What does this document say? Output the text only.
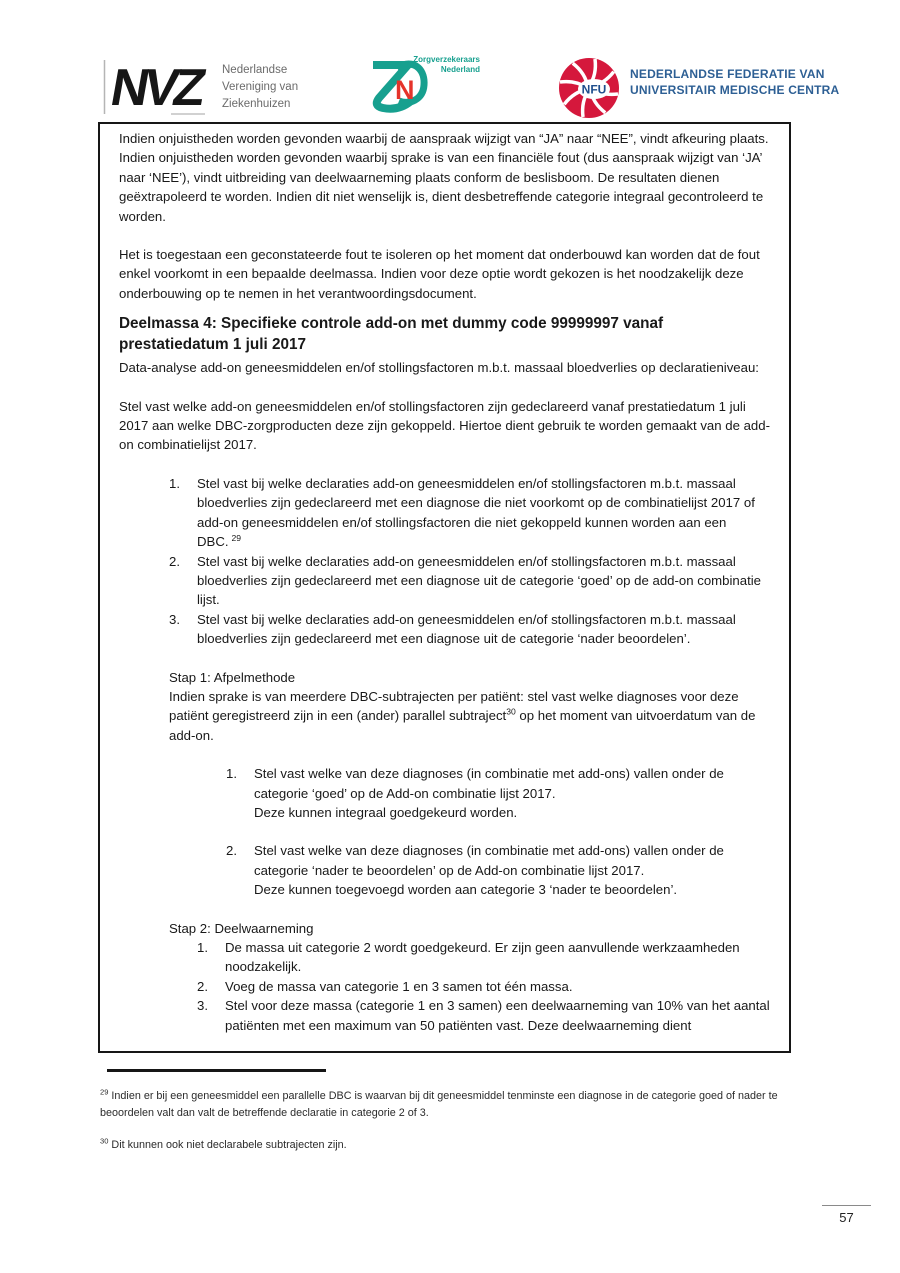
NVZ	Nederlandse
Vereniging van
Ziekenhuizen	N
Zorgverzekeraars
Nederland
NFU
NEDERLANDSE FEDERATIE VAN
UNIVERSITAIR MEDISCHE CENTRA

Indien onjuistheden worden gevonden waarbij de aanspraak wijzigt van “JA” naar “NEE”, vindt afkeuring plaats. Indien onjuistheden worden gevonden waarbij sprake is van een financiële fout (dus aanspraak wijzigt van ‘JA’ naar ‘NEE’), vindt uitbreiding van deelwaarneming plaats conform de beslisboom. De resultaten dienen geëxtrapoleerd te worden. Indien dit niet wenselijk is, dient desbetreffende categorie integraal gecontroleerd te worden.

Het is toegestaan een geconstateerde fout te isoleren op het moment dat onderbouwd kan worden dat de fout enkel voorkomt in een bepaalde deelmassa. Indien voor deze optie wordt gekozen is het noodzakelijk deze onderbouwing op te nemen in het verantwoordingsdocument.

Deelmassa 4: Specifieke controle add-on met dummy code 99999997 vanaf prestatiedatum 1 juli 2017

Data-analyse add-on geneesmiddelen en/of stollingsfactoren m.b.t. massaal bloedverlies op declaratieniveau:

Stel vast welke add-on geneesmiddelen en/of stollingsfactoren zijn gedeclareerd vanaf prestatiedatum 1 juli 2017 aan welke DBC-zorgproducten deze zijn gekoppeld. Hiertoe dient gebruik te worden gemaakt van de add-on combinatielijst 2017.

1.	Stel vast bij welke declaraties add-on geneesmiddelen en/of stollingsfactoren m.b.t. massaal bloedverlies zijn gedeclareerd met een diagnose die niet voorkomt op de combinatielijst 2017 of add-on geneesmiddelen en/of stollingsfactoren die niet gekoppeld kunnen worden aan een DBC. $^{29}$
2.	Stel vast bij welke declaraties add-on geneesmiddelen en/of stollingsfactoren m.b.t. massaal bloedverlies zijn gedeclareerd met een diagnose uit de categorie ‘goed’ op de add-on combinatie lijst.
3.	Stel vast bij welke declaraties add-on geneesmiddelen en/of stollingsfactoren m.b.t. massaal bloedverlies zijn gedeclareerd met een diagnose uit de categorie ‘nader beoordelen’.

Stap 1: Afpelmethode

Indien sprake is van meerdere DBC-subtrajecten per patiënt: stel vast welke diagnoses voor deze patiënt geregistreerd zijn in een (ander) parallel subtraject$^{30}$ op het moment van uitvoerdatum van de add-on.

1.	Stel vast welke van deze diagnoses (in combinatie met add-ons) vallen onder de categorie ‘goed’ op de Add-on combinatie lijst 2017.
Deze kunnen integraal goedgekeurd worden.
2.	Stel vast welke van deze diagnoses (in combinatie met add-ons) vallen onder de categorie ‘nader te beoordelen’ op de Add-on combinatie lijst 2017.
Deze kunnen toegevoegd worden aan categorie 3 ‘nader te beoordelen’.

Stap 2: Deelwaarneming

1.	De massa uit categorie 2 wordt goedgekeurd. Er zijn geen aanvullende werkzaamheden noodzakelijk.
2.	Voeg de massa van categorie 1 en 3 samen tot één massa.
3.	Stel voor deze massa (categorie 1 en 3 samen) een deelwaarneming van 10% van het aantal patiënten met een maximum van 50 patiënten vast. Deze deelwaarneming dient

$^{29}$ Indien er bij een geneesmiddel een parallelle DBC is waarvan bij dit geneesmiddel tenminste een diagnose in de categorie goed of nader te beoordelen valt dan valt de betreffende declaratie in categorie 2 of 3.

$^{30}$ Dit kunnen ook niet declarabele subtrajecten zijn.

57
